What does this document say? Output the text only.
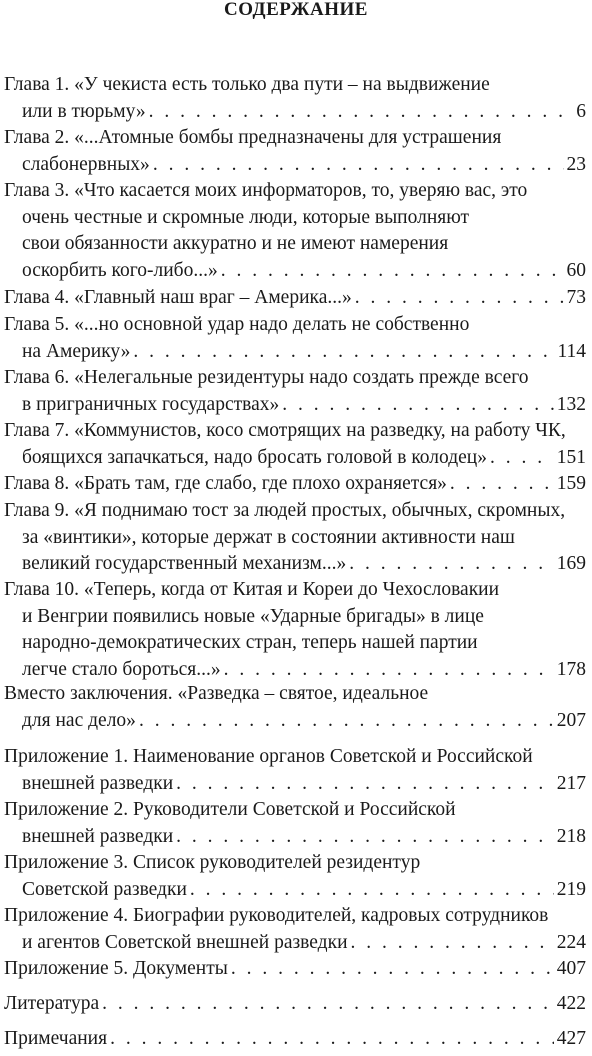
СОДЕРЖАНИЕ
Глава 1. «У чекиста есть только два пути – на выдвижение
или в тюрьму» . . .	6
Глава 2. «...Атомные бомбы предназначены для устрашения
слабонервных» . . .	23
Глава 3. «Что касается моих информаторов, то, уверяю вас, это
очень честные и скромные люди, которые выполняют
свои обязанности аккуратно и не имеют намерения
оскорбить кого-либо...» . . .	60
Глава 4. «Главный наш враг – Америка...» . . .	73
Глава 5. «...но основной удар надо делать не собственно
на Америку» . . .	114
Глава 6. «Нелегальные резидентуры надо создать прежде всего
в приграничных государствах» . . .	132
Глава 7. «Коммунистов, косо смотрящих на разведку, на работу ЧК,
боящихся запачкаться, надо бросать головой в колодец» . . .	151
Глава 8. «Брать там, где слабо, где плохо охраняется» . . .	159
Глава 9. «Я поднимаю тост за людей простых, обычных, скромных,
за «винтики», которые держат в состоянии активности наш
великий государственный механизм...» . . .	169
Глава 10. «Теперь, когда от Китая и Кореи до Чехословакии
и Венгрии появились новые «Ударные бригады» в лице
народно-демократических стран, теперь нашей партии
легче стало бороться...» . . .	178
Вместо заключения. «Разведка – святое, идеальное
для нас дело» . . .	207
Приложение 1. Наименование органов Советской и Российской
внешней разведки . . .	217
Приложение 2. Руководители Советской и Российской
внешней разведки . . .	218
Приложение 3. Список руководителей резидентур
Советской разведки . . .	219
Приложение 4. Биографии руководителей, кадровых сотрудников
и агентов Советской внешней разведки . . .	224
Приложение 5. Документы . . .	407
Литература . . .	422
Примечания . . .	427
